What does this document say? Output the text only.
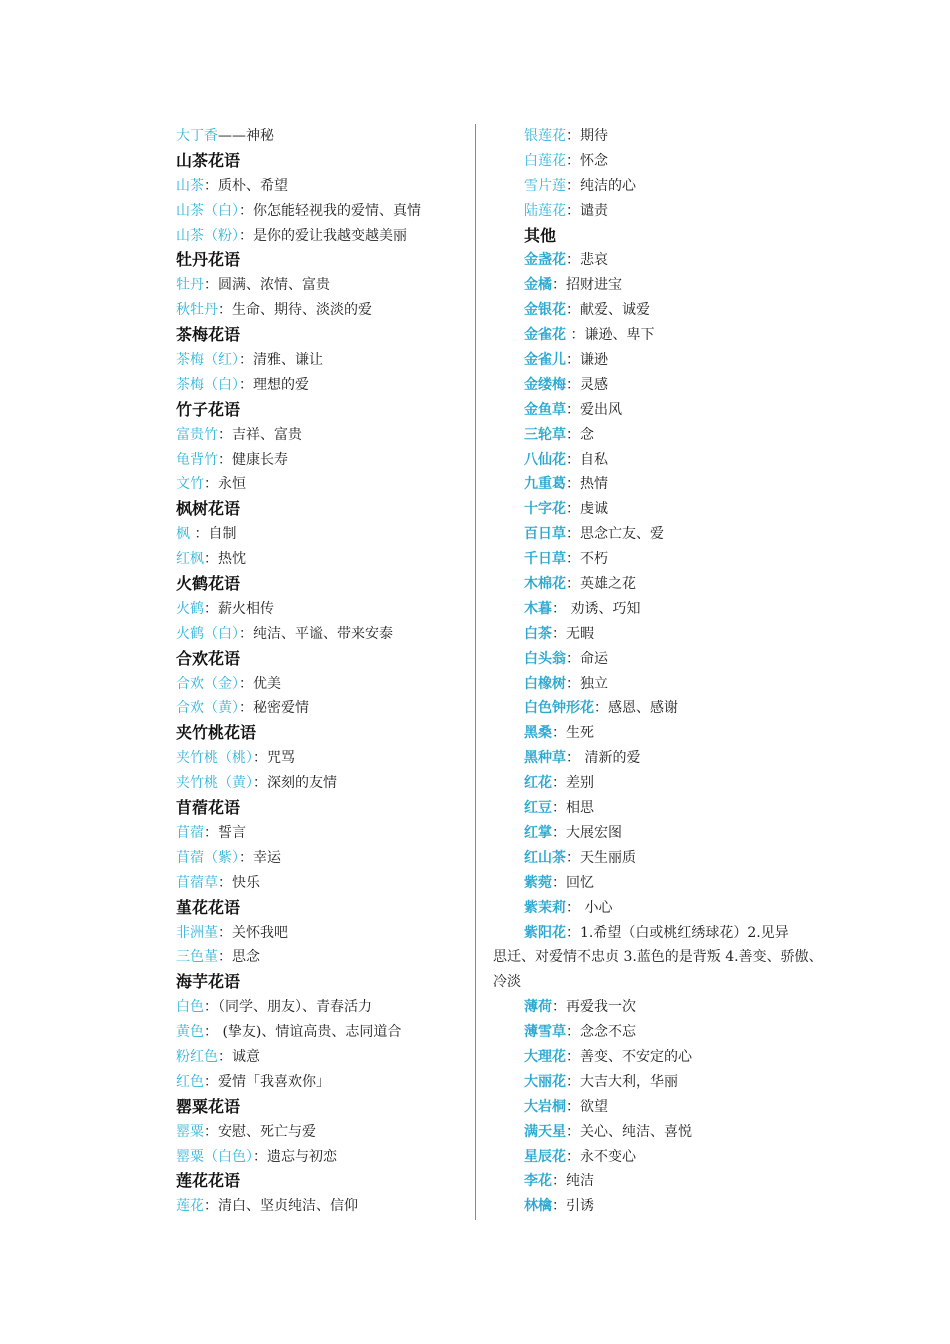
大丁香——神秘
山茶花语
山茶：质朴、希望
山茶（白）：你怎能轻视我的爱情、真情
山茶（粉）：是你的爱让我越变越美丽
牡丹花语
牡丹：圆满、浓情、富贵
秋牡丹：生命、期待、淡淡的爱
茶梅花语
茶梅（红）：清雅、谦让
茶梅（白）：理想的爱
竹子花语
富贵竹：吉祥、富贵
龟背竹：健康长寿
文竹：永恒
枫树花语
枫 ：自制
红枫：热忱
火鹤花语
火鹤：薪火相传
火鹤（白）：纯洁、平谧、带来安泰
合欢花语
合欢（金）：优美
合欢（黄）：秘密爱情
夹竹桃花语
夹竹桃（桃）：咒骂
夹竹桃（黄）：深刻的友情
苜蓿花语
苜蓿：誓言
苜蓿（紫）：幸运
苜蓿草：快乐
堇花花语
非洲堇：关怀我吧
三色堇：思念
海芋花语
白色：（同学、朋友）、青春活力
黄色： (挚友)、情谊高贵、志同道合
粉红色：诚意
红色：爱情「我喜欢你」
罂粟花语
罂粟：安慰、死亡与爱
罂粟（白色）：遗忘与初恋
莲花花语
莲花：清白、坚贞纯洁、信仰
银莲花：期待
白莲花：怀念
雪片莲：纯洁的心
陆莲花：谴责
其他
金盏花：悲哀
金橘：招财进宝
金银花：献爱、诚爱
金雀花 ：谦逊、卑下
金雀儿：谦逊
金缕梅：灵感
金鱼草：爱出风
三轮草：念
八仙花：自私
九重葛：热情
十字花：虔诚
百日草：思念亡友、爱
千日草：不朽
木棉花：英雄之花
木暮： 劝诱、巧知
白茶：无暇
白头翁：命运
白橡树：独立
白色钟形花：感恩、感谢
黑桑：生死
黑种草： 清新的爱
红花：差别
红豆：相思
红掌：大展宏图
红山茶：天生丽质
紫菀：回忆
紫茉莉： 小心
紫阳花：1.希望（白或桃红绣球花）2.见异
思迁、对爱情不忠贞 3.蓝色的是背叛 4.善变、骄傲、冷淡
薄荷：再爱我一次
薄雪草：念念不忘
大理花：善变、不安定的心
大丽花：大吉大利，华丽
大岩桐：欲望
满天星：关心、纯洁、喜悦
星辰花：永不变心
李花：纯洁
林檎：引诱
